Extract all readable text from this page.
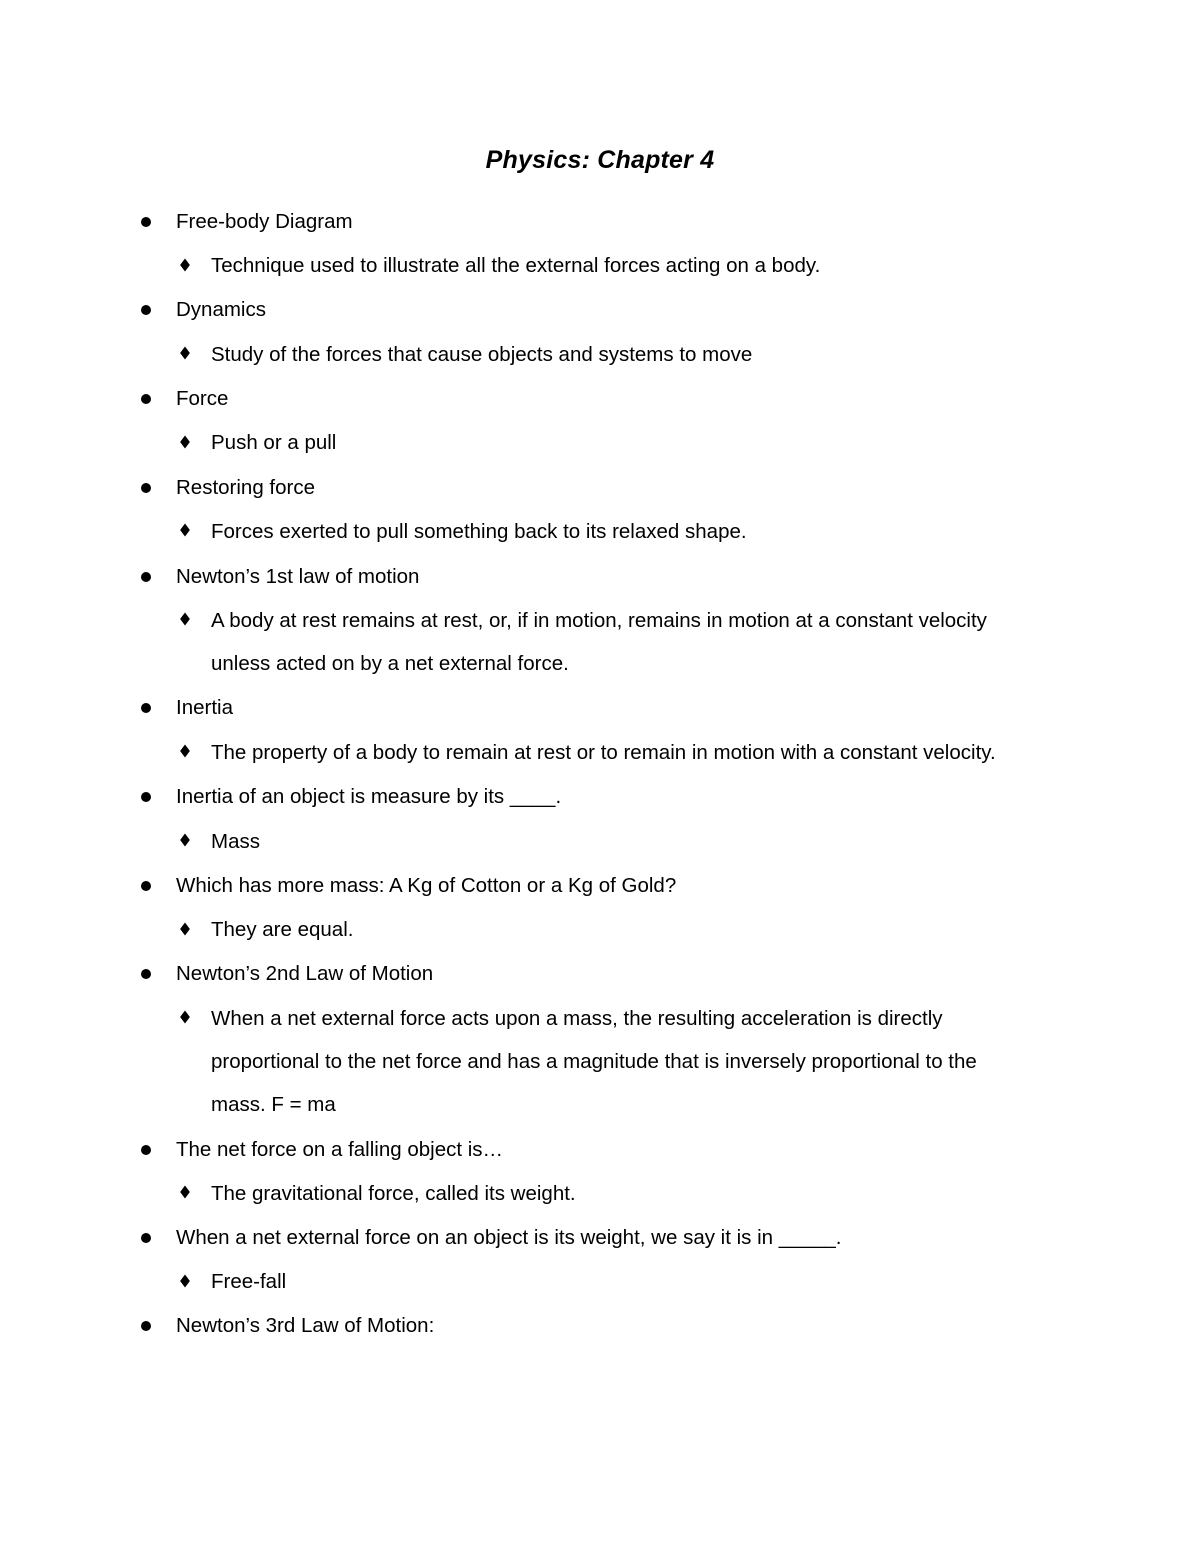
Physics: Chapter 4
Free-body Diagram
Technique used to illustrate all the external forces acting on a body.
Dynamics
Study of the forces that cause objects and systems to move
Force
Push or a pull
Restoring force
Forces exerted to pull something back to its relaxed shape.
Newton’s 1st law of motion
A body at rest remains at rest, or, if in motion, remains in motion at a constant velocity
unless acted on by a net external force.
Inertia
The property of a body to remain at rest or to remain in motion with a constant velocity.
Inertia of an object is measure by its ____.
Mass
Which has more mass: A Kg of Cotton or a Kg of Gold?
They are equal.
Newton’s 2nd Law of Motion
When a net external force acts upon a mass, the resulting acceleration is directly
proportional to the net force and has a magnitude that is inversely proportional to the
mass. F = ma
The net force on a falling object is…
The gravitational force, called its weight.
When a net external force on an object is its weight, we say it is in _____.
Free-fall
Newton’s 3rd Law of Motion:
